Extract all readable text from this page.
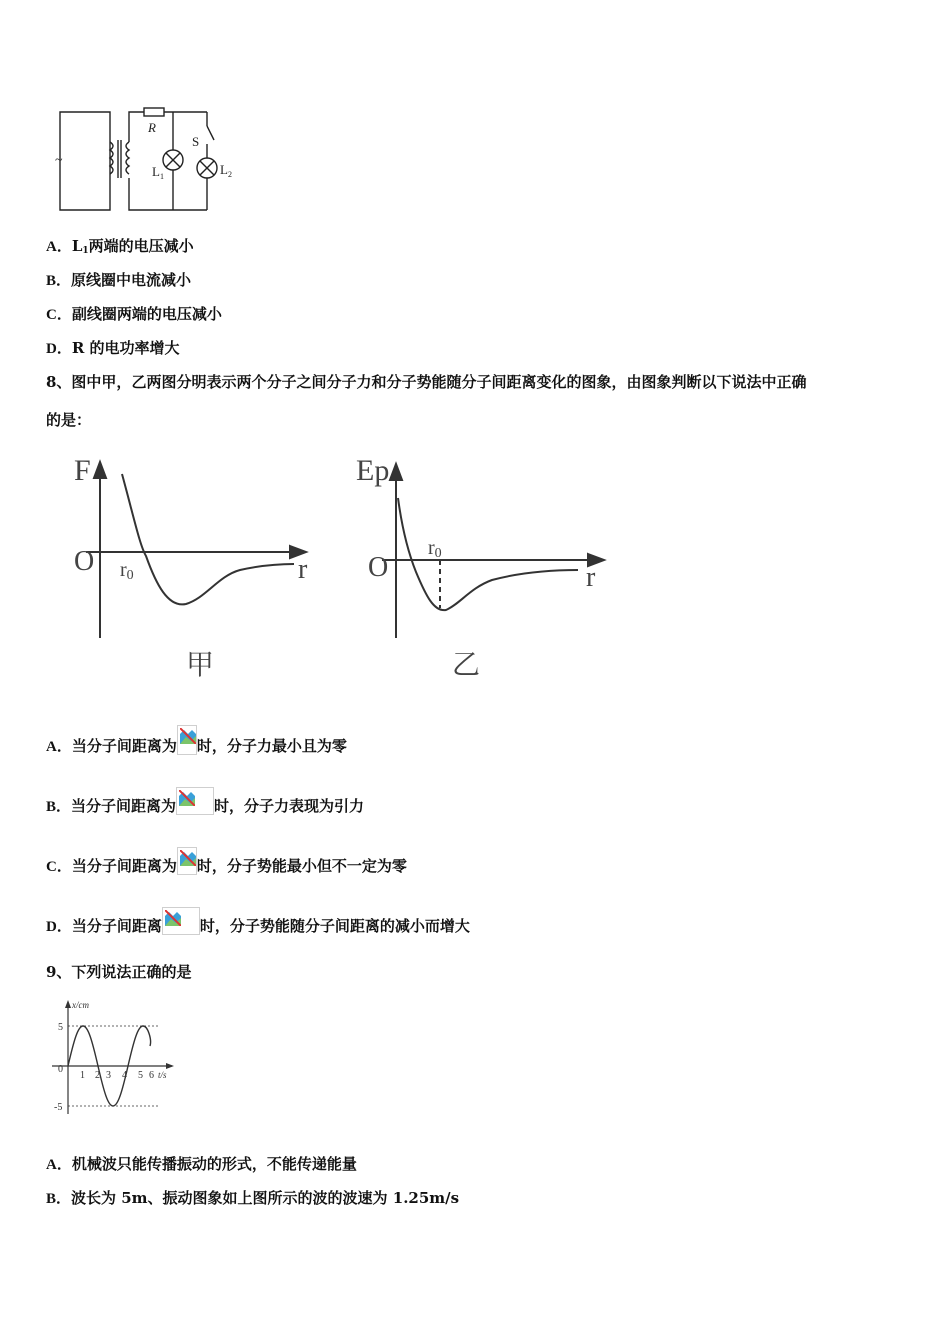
~
R
S
$L_1$	$L_2$
A．$L_1$两端的电压减小
B．原线圈中电流减小
C．副线圈两端的电压减小
D．R 的电功率增大
8、图中甲，乙两图分明表示两个分子之间分子力和分子势能随分子间距离变化的图象，由图象判断以下说法中正确
的是：
F
O r0	r
甲
Ep
O
r0
r
乙
A．当分子间距离为 时，分子力最小且为零
B．当分子间距离为	时，分子力表现为引力
C．当分子间距离为 时，分子势能最小但不一定为零
D．当分子间距离	时，分子势能随分子间距离的减小而增大
9、下列说法正确的是
x/cm
5
-5
0
1 2 3 4 5 6 t/s
A．机械波只能传播振动的形式，不能传递能量
B．波长为 5m、振动图象如上图所示的波的波速为 1.25m/s
